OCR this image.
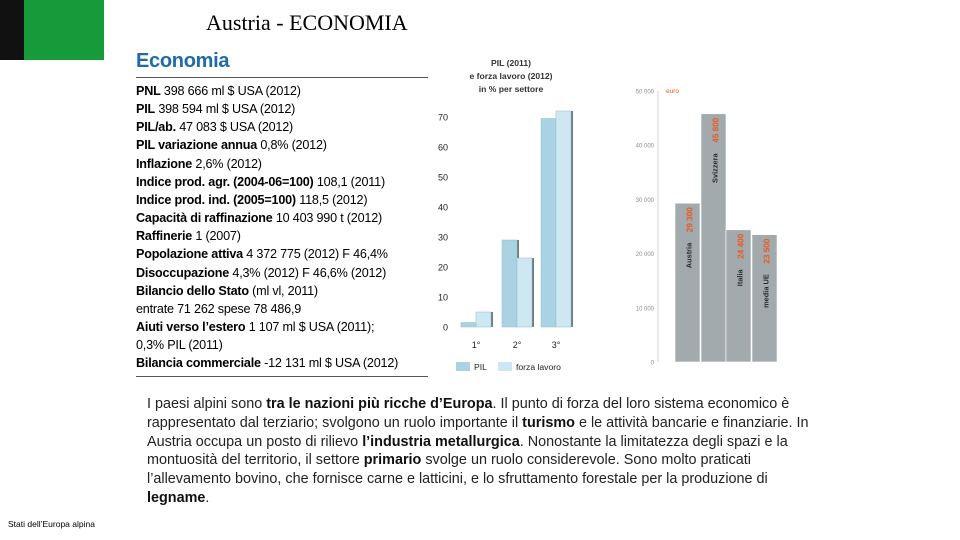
Austria - ECONOMIA
Economia
PNL 398 666 ml $ USA (2012)
PIL 398 594 ml $ USA (2012)
PIL/ab. 47 083 $ USA (2012)
PIL variazione annua 0,8% (2012)
Inflazione 2,6% (2012)
Indice prod. agr. (2004-06=100) 108,1 (2011)
Indice prod. ind. (2005=100) 118,5 (2012)
Capacità di raffinazione 10 403 990 t (2012)
Raffinerie 1 (2007)
Popolazione attiva 4 372 775 (2012) F 46,4%
Disoccupazione 4,3% (2012) F 46,6% (2012)
Bilancio dello Stato (ml vl, 2011)
entrate 71 262 spese 78 486,9
Aiuti verso l’estero 1 107 ml $ USA (2011);
0,3% PIL (2011)
Bilancia commerciale -12 131 ml $ USA (2012)
PIL (2011)
e forza lavoro (2012)
in % per settore
0
10
20
30
40
50
60
70
1°	2°	3°
PIL	forza lavoro
euro
0
10 000
20 000
30 000
40 000
50 000
29 300
Austria
45 800
Svizzera
24 400
Italia
23 500
media UE

I paesi alpini sono tra le nazioni più ricche d’Europa. Il punto di forza del loro sistema economico è rappresentato dal terziario; svolgono un ruolo importante il turismo e le attività bancarie e finanziarie. In Austria occupa un posto di rilievo l’industria metallurgica. Nonostante la limitatezza degli spazi e la montuosità del territorio, il settore primario svolge un ruolo considerevole. Sono molto praticati l’allevamento bovino, che fornisce carne e latticini, e lo sfruttamento forestale per la produzione di legname.

Stati dell’Europa alpina
